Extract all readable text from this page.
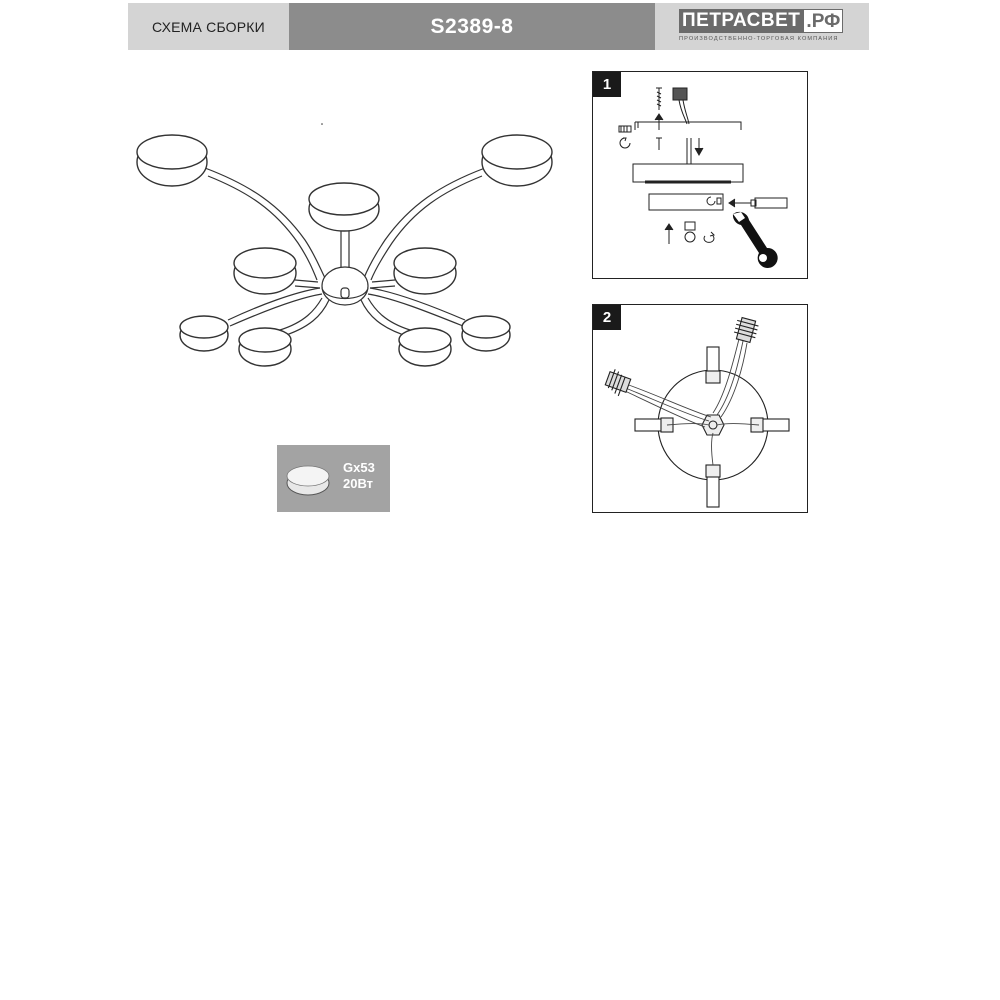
СХЕМА СБОРКИ	S2389-8	ПЕТРАСВЕТ .РФ
ПРОИЗВОДСТВЕННО-ТОРГОВАЯ КОМПАНИЯ
Gx53
20Вт
1
2
